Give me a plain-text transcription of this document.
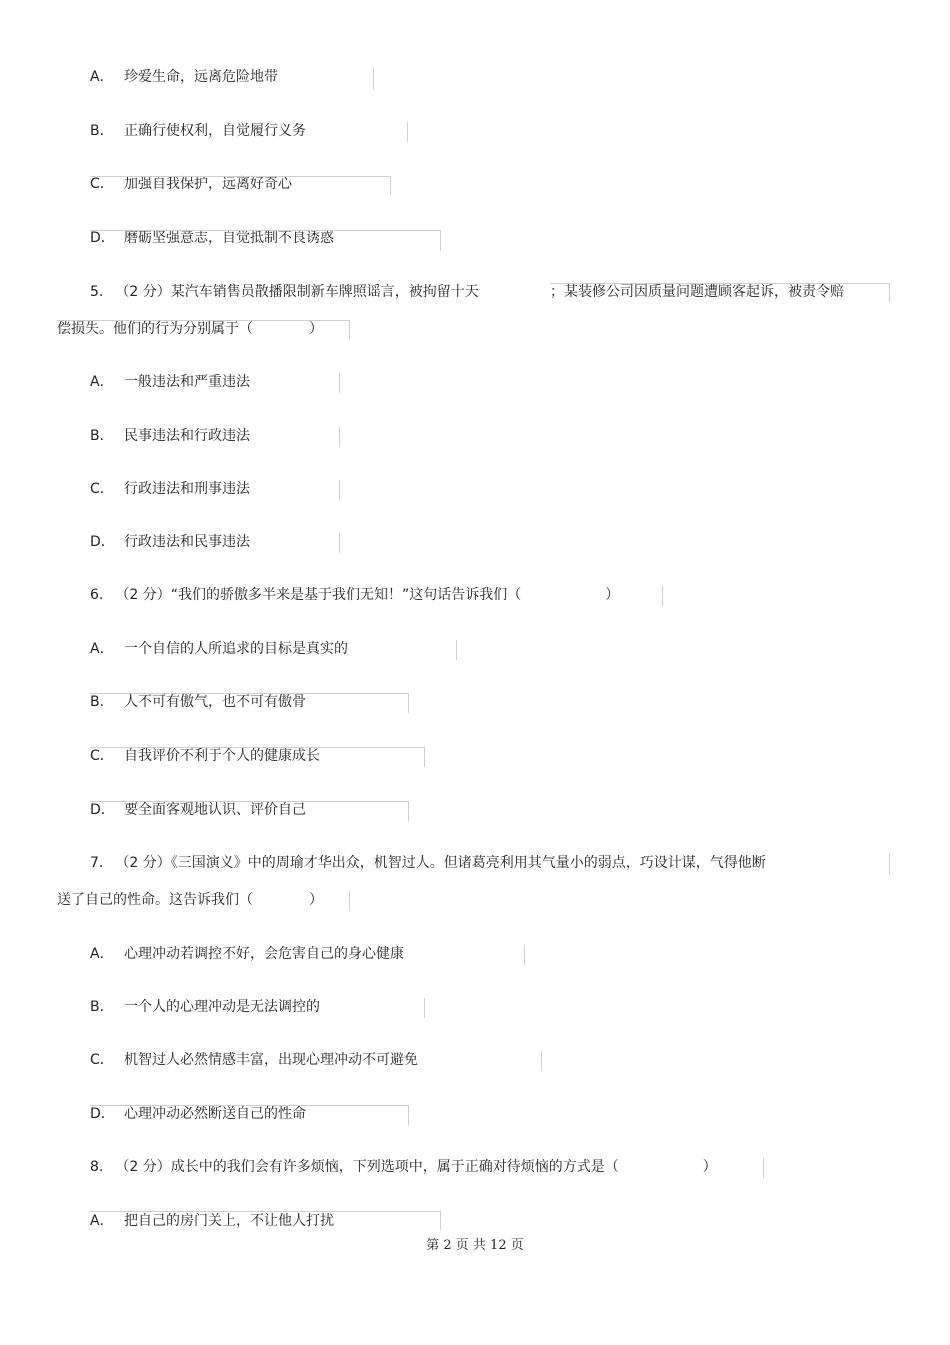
A． 珍爱生命，远离危险地带
B． 正确行使权利，自觉履行义务
C． 加强自我保护，远离好奇心
D． 磨砺坚强意志，自觉抵制不良诱惑
5. （2 分）某汽车销售员散播限制新车牌照谣言，被拘留十天	；某装修公司因质量问题遭顾客起诉，被责令赔
偿损失。他们的行为分别属于（　　　　）
A． 一般违法和严重违法
B． 民事违法和行政违法
C． 行政违法和刑事违法
D． 行政违法和民事违法
6. （2 分）“我们的骄傲多半来是基于我们无知！”这句话告诉我们（　　　　　　）
A． 一个自信的人所追求的目标是真实的
B． 人不可有傲气，也不可有傲骨
C． 自我评价不利于个人的健康成长
D． 要全面客观地认识、评价自己
7. （2 分）《三国演义》中的周瑜才华出众，机智过人。但诸葛亮利用其气量小的弱点，巧设计谋，气得他断
送了自己的性命。这告诉我们（　　　　）
A． 心理冲动若调控不好，会危害自己的身心健康
B． 一个人的心理冲动是无法调控的
C． 机智过人必然情感丰富，出现心理冲动不可避免
D． 心理冲动必然断送自己的性命
8. （2 分）成长中的我们会有许多烦恼，下列选项中，属于正确对待烦恼的方式是（　　　　　　）
A． 把自己的房门关上，不让他人打扰
第 2 页 共 12 页
